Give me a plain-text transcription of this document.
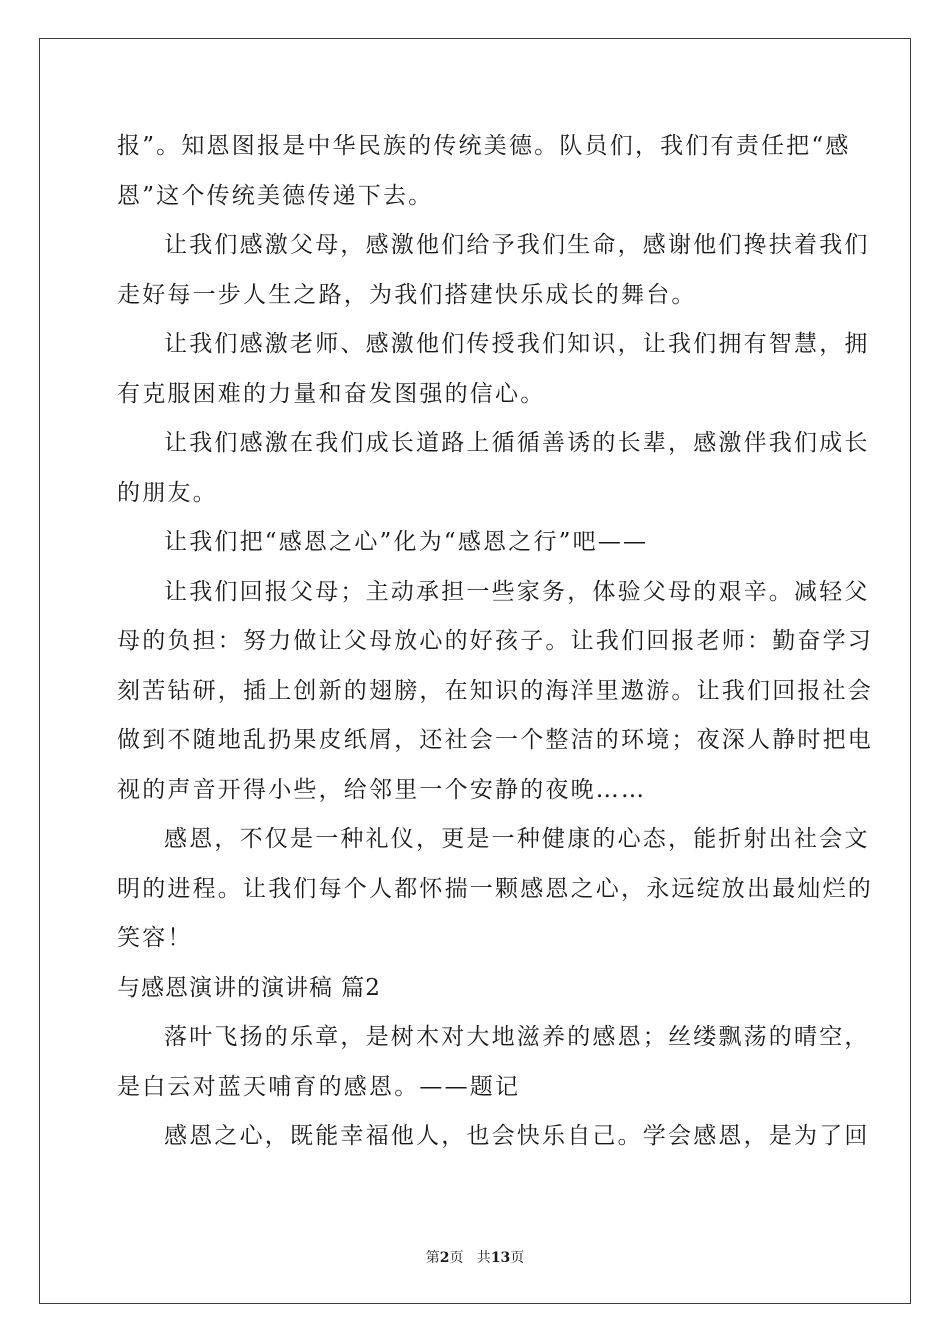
报”。知恩图报是中华民族的传统美德。队员们，我们有责任把“感
恩”这个传统美德传递下去。
让我们感激父母，感激他们给予我们生命，感谢他们搀扶着我们
走好每一步人生之路，为我们搭建快乐成长的舞台。
让我们感激老师、感激他们传授我们知识，让我们拥有智慧，拥
有克服困难的力量和奋发图强的信心。
让我们感激在我们成长道路上循循善诱的长辈，感激伴我们成长
的朋友。
让我们把“感恩之心”化为“感恩之行”吧——
让我们回报父母；主动承担一些家务，体验父母的艰辛。减轻父
母的负担：努力做让父母放心的好孩子。让我们回报老师：勤奋学习
刻苦钻研，插上创新的翅膀，在知识的海洋里遨游。让我们回报社会
做到不随地乱扔果皮纸屑，还社会一个整洁的环境；夜深人静时把电
视的声音开得小些，给邻里一个安静的夜晚……
感恩，不仅是一种礼仪，更是一种健康的心态，能折射出社会文
明的进程。让我们每个人都怀揣一颗感恩之心，永远绽放出最灿烂的
笑容！
与感恩演讲的演讲稿 篇2
落叶飞扬的乐章，是树木对大地滋养的感恩；丝缕飘荡的晴空，
是白云对蓝天哺育的感恩。——题记
感恩之心，既能幸福他人，也会快乐自己。学会感恩，是为了回
第2页   共13页
